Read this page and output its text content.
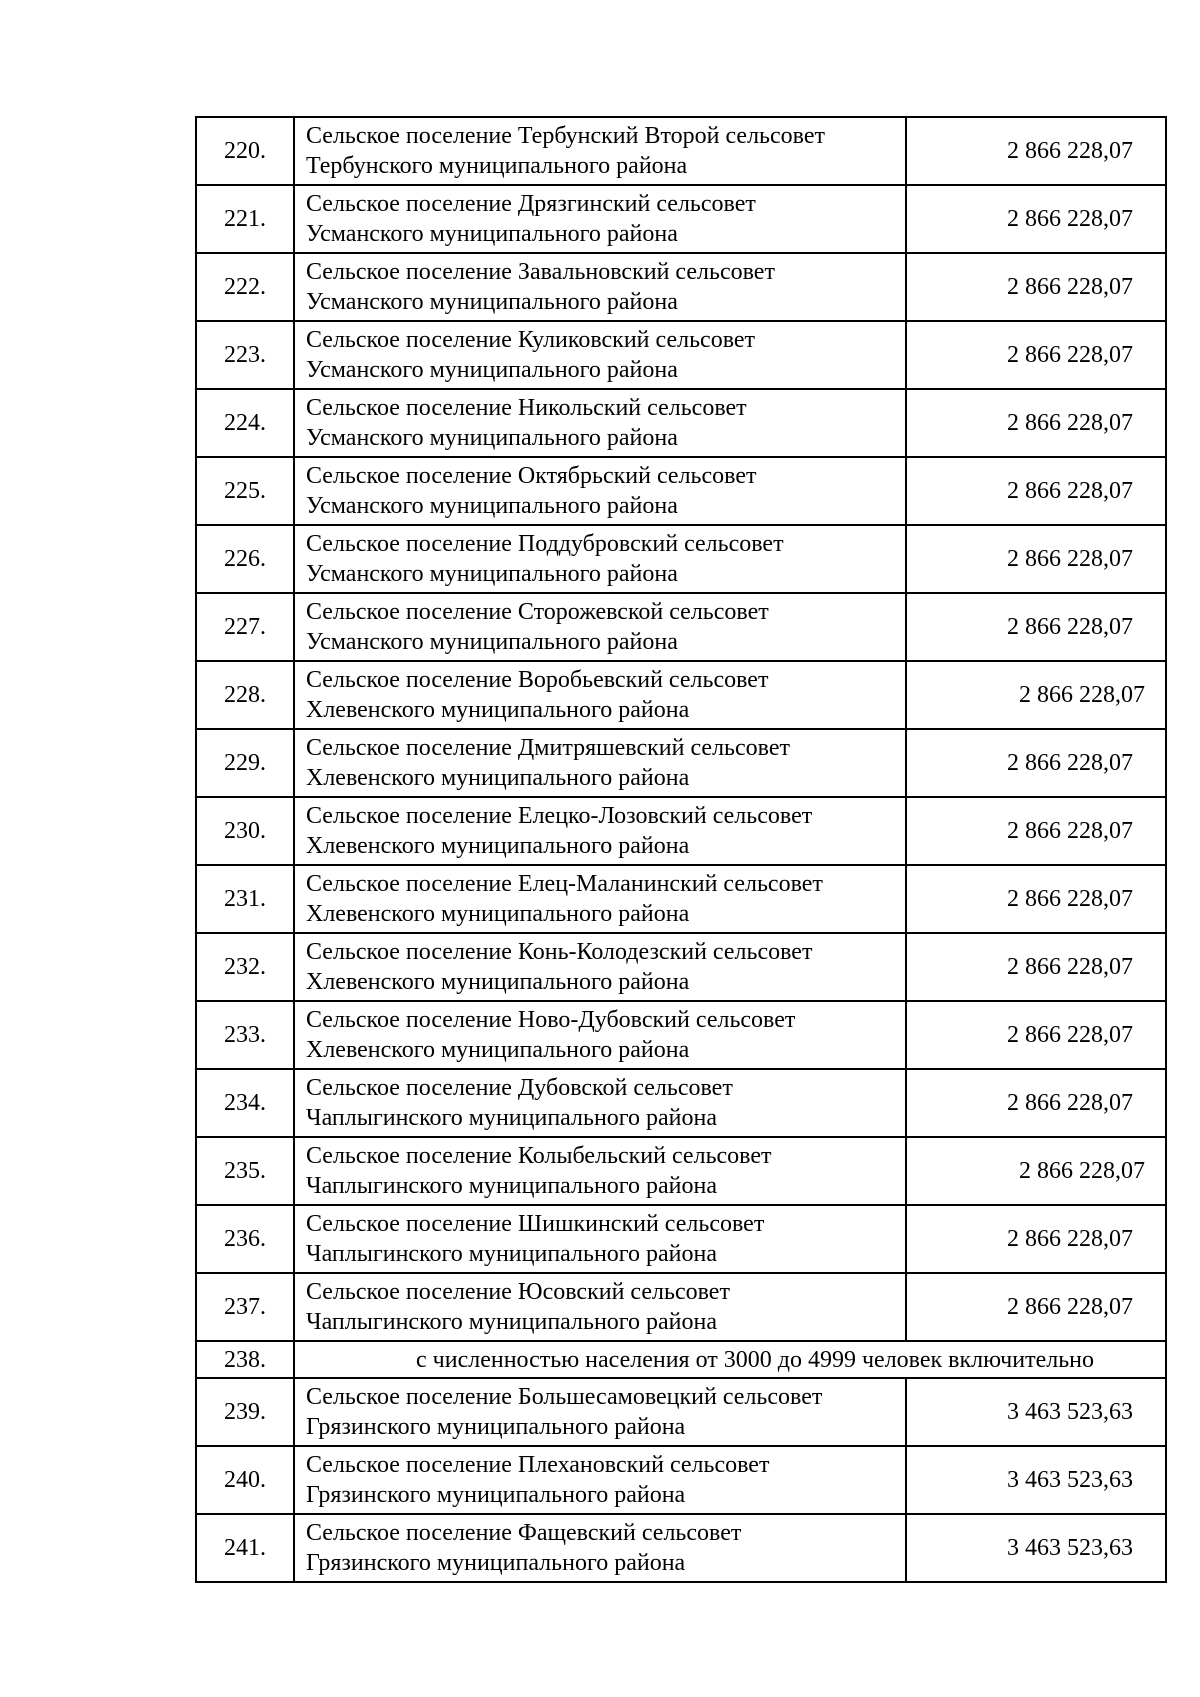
220.	Сельское поселение Тербунский Второй сельсовет
Тербунского муниципального района	2 866 228,07
221.	Сельское поселение Дрязгинский сельсовет
Усманского муниципального района	2 866 228,07
222.	Сельское поселение Завальновский сельсовет
Усманского муниципального района	2 866 228,07
223.	Сельское поселение Куликовский сельсовет
Усманского муниципального района	2 866 228,07
224.	Сельское поселение Никольский сельсовет
Усманского муниципального района	2 866 228,07
225.	Сельское поселение Октябрьский сельсовет
Усманского муниципального района	2 866 228,07
226.	Сельское поселение Поддубровский сельсовет
Усманского муниципального района	2 866 228,07
227.	Сельское поселение Сторожевской сельсовет
Усманского муниципального района	2 866 228,07
228.	Сельское поселение Воробьевский сельсовет
Хлевенского муниципального района	2 866 228,07
229.	Сельское поселение Дмитряшевский сельсовет
Хлевенского муниципального района	2 866 228,07
230.	Сельское поселение Елецко-Лозовский сельсовет
Хлевенского муниципального района	2 866 228,07
231.	Сельское поселение Елец-Маланинский сельсовет
Хлевенского муниципального района	2 866 228,07
232.	Сельское поселение Конь-Колодезский сельсовет
Хлевенского муниципального района	2 866 228,07
233.	Сельское поселение Ново-Дубовский сельсовет
Хлевенского муниципального района	2 866 228,07
234.	Сельское поселение Дубовской сельсовет
Чаплыгинского муниципального района	2 866 228,07
235.	Сельское поселение Колыбельский сельсовет
Чаплыгинского муниципального района	2 866 228,07
236.	Сельское поселение Шишкинский сельсовет
Чаплыгинского муниципального района	2 866 228,07
237.	Сельское поселение Юсовский сельсовет
Чаплыгинского муниципального района	2 866 228,07
238.	с численностью населения от 3000 до 4999 человек включительно	
239.	Сельское поселение Большесамовецкий сельсовет
Грязинского муниципального района	3 463 523,63
240.	Сельское поселение Плехановский сельсовет
Грязинского муниципального района	3 463 523,63
241.	Сельское поселение Фащевский сельсовет
Грязинского муниципального района	3 463 523,63
